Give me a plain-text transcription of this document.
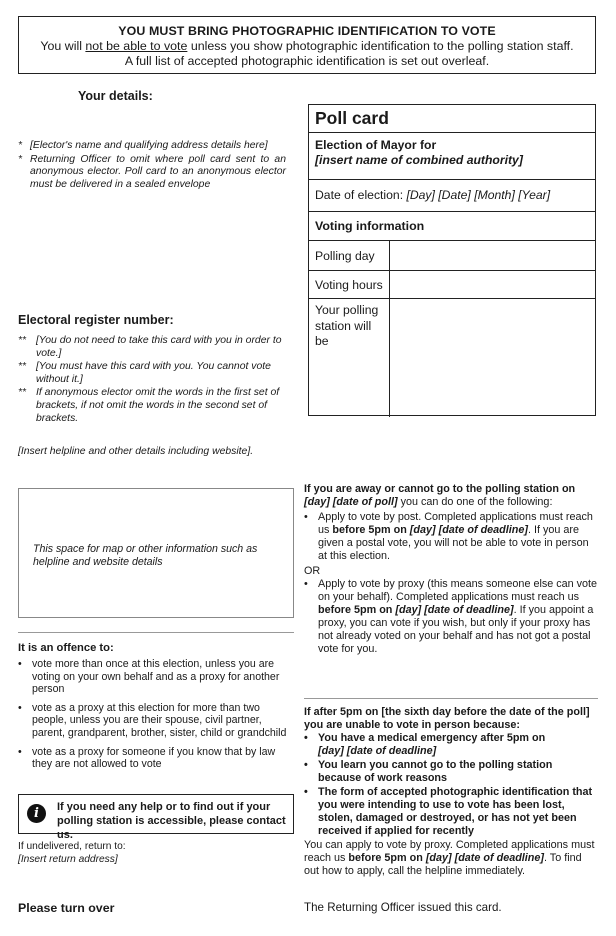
YOU MUST BRING PHOTOGRAPHIC IDENTIFICATION TO VOTE
You will not be able to vote unless you show photographic identification to the polling station staff.
A full list of accepted photographic identification is set out overleaf.
Your details:
* [Elector's name and qualifying address details here]
* Returning Officer to omit where poll card sent to an anonymous elector. Poll card to an anonymous elector must be delivered in a sealed envelope
Poll card
Election of Mayor for
[insert name of combined authority]
Date of election: [Day] [Date] [Month] [Year]
Voting information
Polling day
Voting hours
Your polling station will be
Electoral register number:
** [You do not need to take this card with you in order to vote.]
** [You must have this card with you. You cannot vote without it.]
** If anonymous elector omit the words in the first set of brackets, if not omit the words in the second set of brackets.
[Insert helpline and other details including website].
This space for map or other information such as helpline and website details
It is an offence to:
• vote more than once at this election, unless you are voting on your own behalf and as a proxy for another person
• vote as a proxy at this election for more than two people, unless you are their spouse, civil partner, parent, grandparent, brother, sister, child or grandchild
• vote as a proxy for someone if you know that by law they are not allowed to vote
i	If you need any help or to find out if your polling station is accessible, please contact us.
If undelivered, return to:
[Insert return address]
Please turn over
If you are away or cannot go to the polling station on [day] [date of poll] you can do one of the following:
• Apply to vote by post. Completed applications must reach us before 5pm on [day] [date of deadline]. If you are given a postal vote, you will not be able to vote in person at this election.
OR
• Apply to vote by proxy (this means someone else can vote on your behalf). Completed applications must reach us before 5pm on [day] [date of deadline]. If you appoint a proxy, you can vote if you wish, but only if your proxy has not already voted on your behalf and has not got a postal vote for you.
If after 5pm on [the sixth day before the date of the poll] you are unable to vote in person because:
• You have a medical emergency after 5pm on
[day] [date of deadline]
• You learn you cannot go to the polling station because of work reasons
• The form of accepted photographic identification that you were intending to use to vote has been lost, stolen, damaged or destroyed, or has not yet been received if applied for recently
You can apply to vote by proxy. Completed applications must reach us before 5pm on [day] [date of deadline]. To find out how to apply, call the helpline immediately.
The Returning Officer issued this card.
